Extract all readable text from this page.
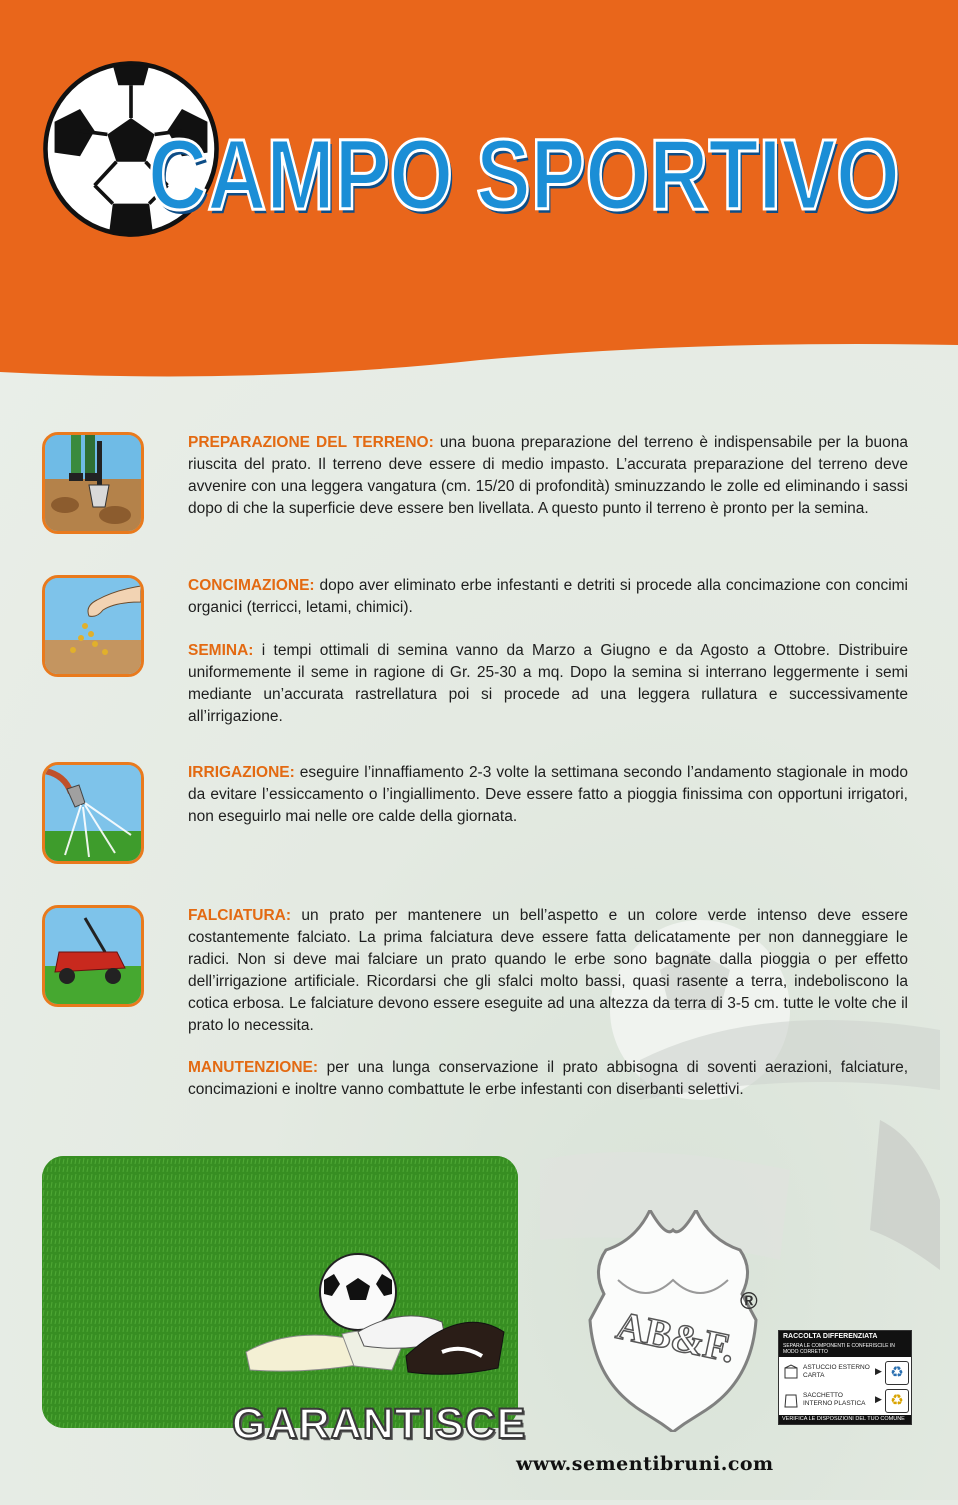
CAMPO SPORTIVO
PREPARAZIONE DEL TERRENO: una buona preparazione del terreno è indispensabile per la buona riuscita del prato. Il terreno deve essere di medio impasto. L’accurata preparazione del terreno deve avvenire con una leggera vangatura (cm. 15/20 di profondità) sminuzzando le zolle ed eliminando i sassi dopo di che la superficie deve essere ben livellata. A questo punto il terreno è pronto per la semina.
CONCIMAZIONE: dopo aver eliminato erbe infestanti e detriti si procede alla concimazione con concimi organici (terricci, letami, chimici).
SEMINA: i tempi ottimali di semina vanno da Marzo a Giugno e da Agosto a Ottobre. Distribuire uniformemente il seme in ragione di Gr. 25-30 a mq. Dopo la semina si interrano leggermente i semi mediante un’accurata rastrellatura poi si procede ad una leggera rullatura e successivamente all’irrigazione.
IRRIGAZIONE: eseguire l’innaffiamento 2-3 volte la settimana secondo l’andamento stagionale in modo da evitare l’essiccamento o l’ingiallimento. Deve essere fatto a pioggia finissima con opportuni irrigatori, non eseguirlo mai nelle ore calde della giornata.
FALCIATURA: un prato per mantenere un bell’aspetto e un colore verde intenso deve essere costantemente falciato. La prima falciatura deve essere fatta delicatamente per non danneggiare le radici. Non si deve mai falciare un prato quando le erbe sono bagnate dalla pioggia o per effetto dell’irrigazione artificiale. Ricordarsi che gli sfalci molto bassi, quasi rasente a terra, indeboliscono la cotica erbosa. Le falciature devono essere eseguite ad una altezza da terra di 3-5 cm. tutte le volte che il prato lo necessita.
MANUTENZIONE: per una lunga conservazione il prato abbisogna di soventi aerazioni, falciature, concimazioni e inoltre vanno combattute le erbe infestanti con diserbanti selettivi.
GARANTISCE
AB&F.
®
RACCOLTA DIFFERENZIATA
SEPARA LE COMPONENTI E CONFERISCILE IN MODO CORRETTO
ASTUCCIO ESTERNO CARTA	▶ ♻
SACCHETTO INTERNO PLASTICA	▶ ♻
VERIFICA LE DISPOSIZIONI DEL TUO COMUNE
www.sementibruni.com
